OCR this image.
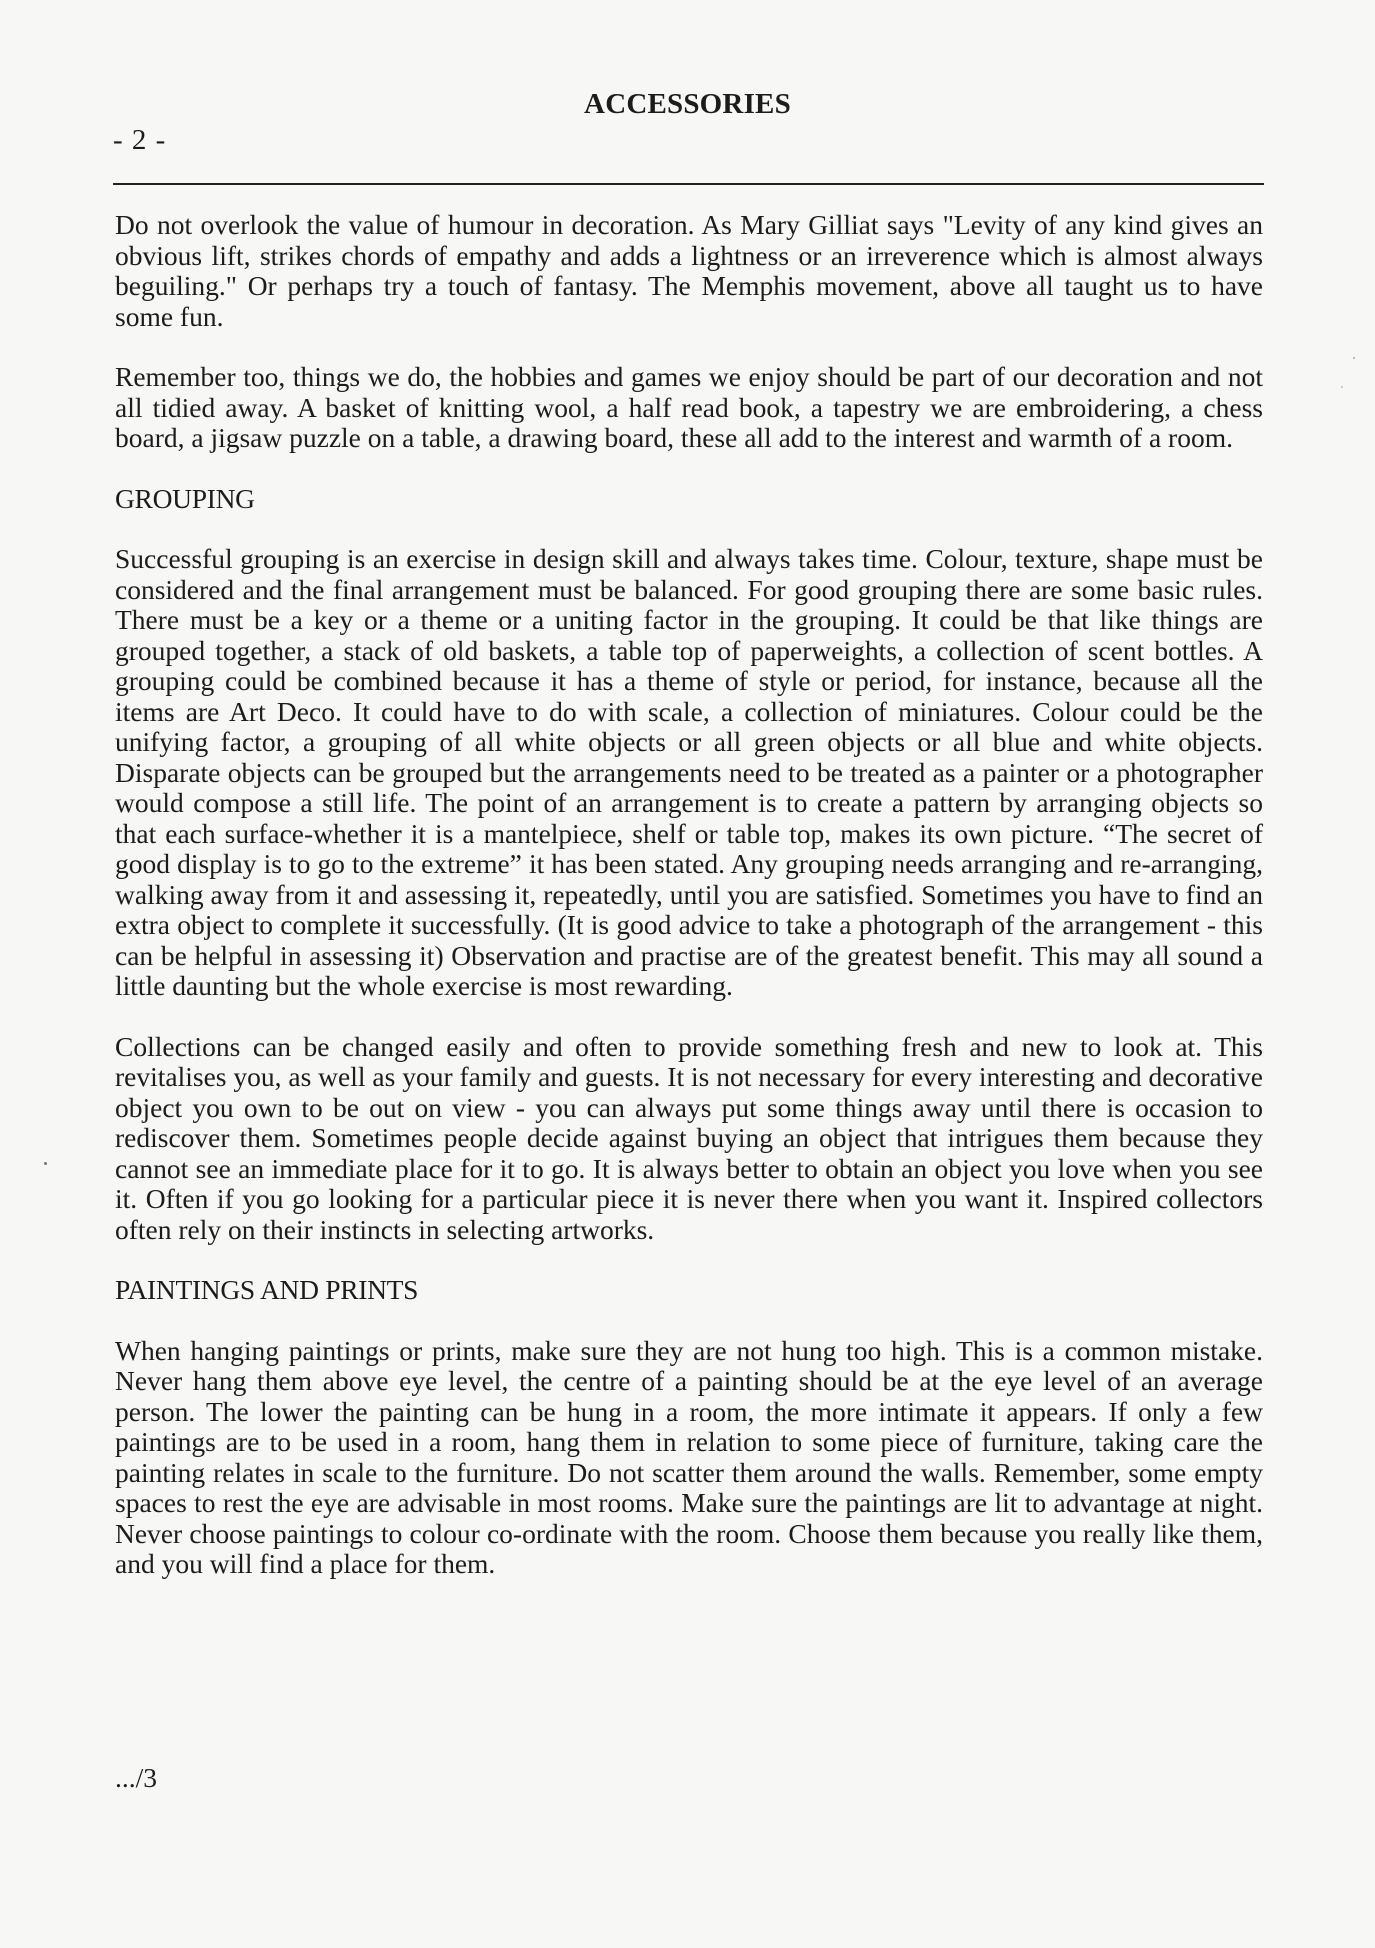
ACCESSORIES
- 2 -

Do not overlook the value of humour in decoration. As Mary Gilliat says "Levity of any kind gives an obvious lift, strikes chords of empathy and adds a lightness or an irreverence which is almost always beguiling." Or perhaps try a touch of fantasy. The Memphis movement, above all taught us to have some fun.

Remember too, things we do, the hobbies and games we enjoy should be part of our decoration and not all tidied away. A basket of knitting wool, a half read book, a tapestry we are embroidering, a chess board, a jigsaw puzzle on a table, a drawing board, these all add to the interest and warmth of a room.

GROUPING

Successful grouping is an exercise in design skill and always takes time. Colour, texture, shape must be considered and the final arrangement must be balanced. For good grouping there are some basic rules. There must be a key or a theme or a uniting factor in the grouping. It could be that like things are grouped together, a stack of old baskets, a table top of paperweights, a collection of scent bottles. A grouping could be combined because it has a theme of style or period, for instance, because all the items are Art Deco. It could have to do with scale, a collection of miniatures. Colour could be the unifying factor, a grouping of all white objects or all green objects or all blue and white objects. Disparate objects can be grouped but the arrangements need to be treated as a painter or a photographer would compose a still life. The point of an arrangement is to create a pattern by arranging objects so that each surface-whether it is a mantelpiece, shelf or table top, makes its own picture. “The secret of good display is to go to the extreme” it has been stated. Any grouping needs arranging and re-arranging, walking away from it and assessing it, repeatedly, until you are satisfied. Sometimes you have to find an extra object to complete it successfully. (It is good advice to take a photograph of the arrangement - this can be helpful in assessing it) Observation and practise are of the greatest benefit. This may all sound a little daunting but the whole exercise is most rewarding.

Collections can be changed easily and often to provide something fresh and new to look at. This revitalises you, as well as your family and guests. It is not necessary for every interesting and decorative object you own to be out on view - you can always put some things away until there is occasion to rediscover them. Sometimes people decide against buying an object that intrigues them because they cannot see an immediate place for it to go. It is always better to obtain an object you love when you see it. Often if you go looking for a particular piece it is never there when you want it. Inspired collectors often rely on their instincts in selecting artworks.

PAINTINGS AND PRINTS

When hanging paintings or prints, make sure they are not hung too high. This is a common mistake. Never hang them above eye level, the centre of a painting should be at the eye level of an average person. The lower the painting can be hung in a room, the more intimate it appears. If only a few paintings are to be used in a room, hang them in relation to some piece of furniture, taking care the painting relates in scale to the furniture. Do not scatter them around the walls. Remember, some empty spaces to rest the eye are advisable in most rooms. Make sure the paintings are lit to advantage at night. Never choose paintings to colour co-ordinate with the room. Choose them because you really like them, and you will find a place for them.

.../3
